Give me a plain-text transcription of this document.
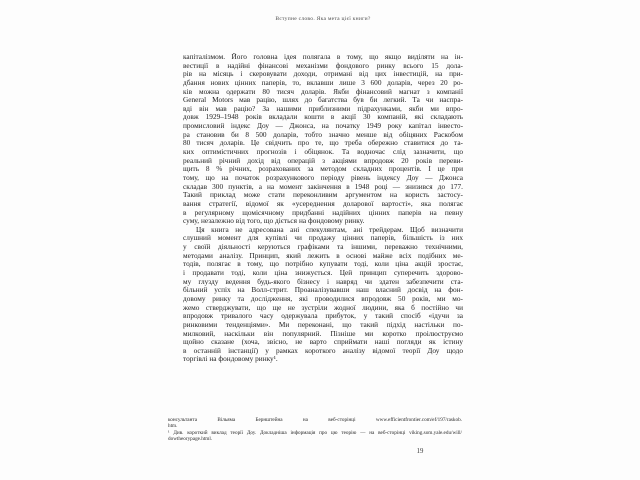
Вступне слово. Яка мета цієї книги?
капіталізмом. Його головна ідея полягала в тому, що якщо виділяти на ін-
вестиції в надійні фінансові механізми фондового ринку всього 15 дола-
рів на місяць і скеровувати доходи, отримані від цих інвестицій, на при-
дбання нових цінних паперів, то, вклавши лише 3 600 доларів, через 20 ро-
ків можна одержати 80 тисяч доларів. Якби фінансовий магнат з компанії
General Motors мав рацію, шлях до багатства був би легкий. Та чи наспра-
вді він мав рацію? За нашими приблизними підрахунками, якби ми впро-
довж 1929–1948 років вкладали кошти в акції 30 компаній, які складають
промисловий індекс Доу — Джонса, на початку 1949 року капітал інвесто-
ра становив би 8 500 доларів, тобто значно менше від обіцяних Раскобом
80 тисяч доларів. Це свідчить про те, що треба обережно ставитися до та-
ких оптимістичних прогнозів і обіцянок. Та водночас слід зазначити, що
реальний річний дохід від операцій з акціями впродовж 20 років переви-
щить 8 % річних, розрахованих за методом складних процентів. І це при
тому, що на початок розрахункового періоду рівень індексу Доу — Джонса
складав 300 пунктів, а на момент закінчення в 1948 році — знизився до 177.
Такий приклад може стати переконливим аргументом на користь застосу-
вання стратегії, відомої як «усереднення доларової вартості», яка полягає
в регулярному щомісячному придбанні надійних цінних паперів на певну
суму, незалежно від того, що діється на фондовому ринку.
Ця книга не адресована ані спекулянтам, ані трейдерам. Щоб визначити
слушний момент для купівлі чи продажу цінних паперів, більшість із них
у своїй діяльності керуються графіками та іншими, переважно технічними,
методами аналізу. Принцип, який лежить в основі майже всіх подібних ме-
тодів, полягає в тому, що потрібно купувати тоді, коли ціна акцій зростає,
і продавати тоді, коли ціна знижується. Цей принцип суперечить здорово-
му глузду ведення будь-якого бізнесу і навряд чи здатен забезпечити ста-
більний успіх на Волл-стрит. Проаналізувавши наш власний досвід на фон-
довому ринку та дослідження, які проводилися впродовж 50 років, ми мо-
жемо стверджувати, що ще не зустріли жодної людини, яка б постійно чи
впродовж тривалого часу одержувала прибуток, у такий спосіб «ідучи за
ринковими тенденціями». Ми переконані, що такий підхід настільки по-
милковий, наскільки він популярний. Пізніше ми коротко проілюструємо
щойно сказане (хоча, звісно, не варто сприймати наші погляди як істину
в останній інстанції) у рамках короткого аналізу відомої теорії Доу щодо
торгівлі на фондовому ринку¹.
консультанта Вільяма Бернштейна на веб-сторінці www.efficientfrontier.com/ef/197/raskob.
htm.
¹ Див. короткий виклад теорії Доу. Докладніша інформація про цю теорію — на веб-сторінці viking.som.yale.edu/will/
dowtheorypage.html.
19
